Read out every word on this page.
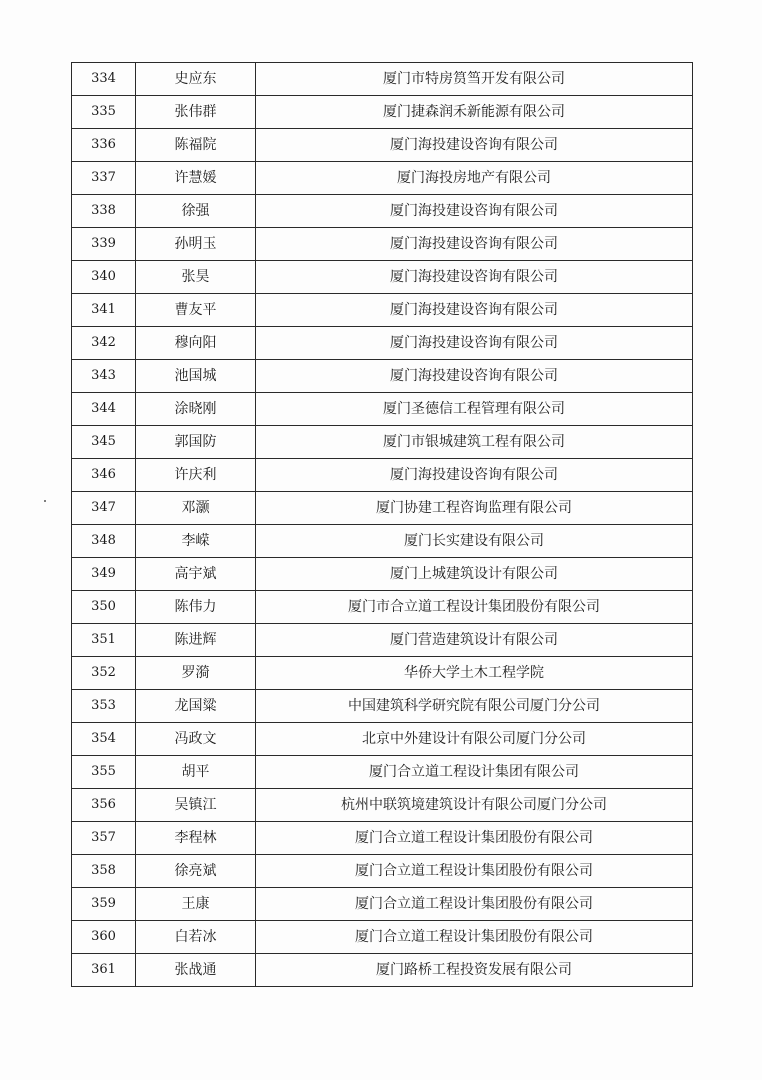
334	史应东	厦门市特房筼筜开发有限公司
335	张伟群	厦门捷森润禾新能源有限公司
336	陈福院	厦门海投建设咨询有限公司
337	许慧媛	厦门海投房地产有限公司
338	徐强	厦门海投建设咨询有限公司
339	孙明玉	厦门海投建设咨询有限公司
340	张昊	厦门海投建设咨询有限公司
341	曹友平	厦门海投建设咨询有限公司
342	穆向阳	厦门海投建设咨询有限公司
343	池国城	厦门海投建设咨询有限公司
344	涂晓刚	厦门圣德信工程管理有限公司
345	郭国防	厦门市银城建筑工程有限公司
346	许庆利	厦门海投建设咨询有限公司
347	邓灏	厦门协建工程咨询监理有限公司
348	李嵘	厦门长实建设有限公司
349	高宇斌	厦门上城建筑设计有限公司
350	陈伟力	厦门市合立道工程设计集团股份有限公司
351	陈进辉	厦门营造建筑设计有限公司
352	罗漪	华侨大学土木工程学院
353	龙国粱	中国建筑科学研究院有限公司厦门分公司
354	冯政文	北京中外建设计有限公司厦门分公司
355	胡平	厦门合立道工程设计集团有限公司
356	吴镇江	杭州中联筑境建筑设计有限公司厦门分公司
357	李程林	厦门合立道工程设计集团股份有限公司
358	徐亮斌	厦门合立道工程设计集团股份有限公司
359	王康	厦门合立道工程设计集团股份有限公司
360	白若冰	厦门合立道工程设计集团股份有限公司
361	张战通	厦门路桥工程投资发展有限公司
